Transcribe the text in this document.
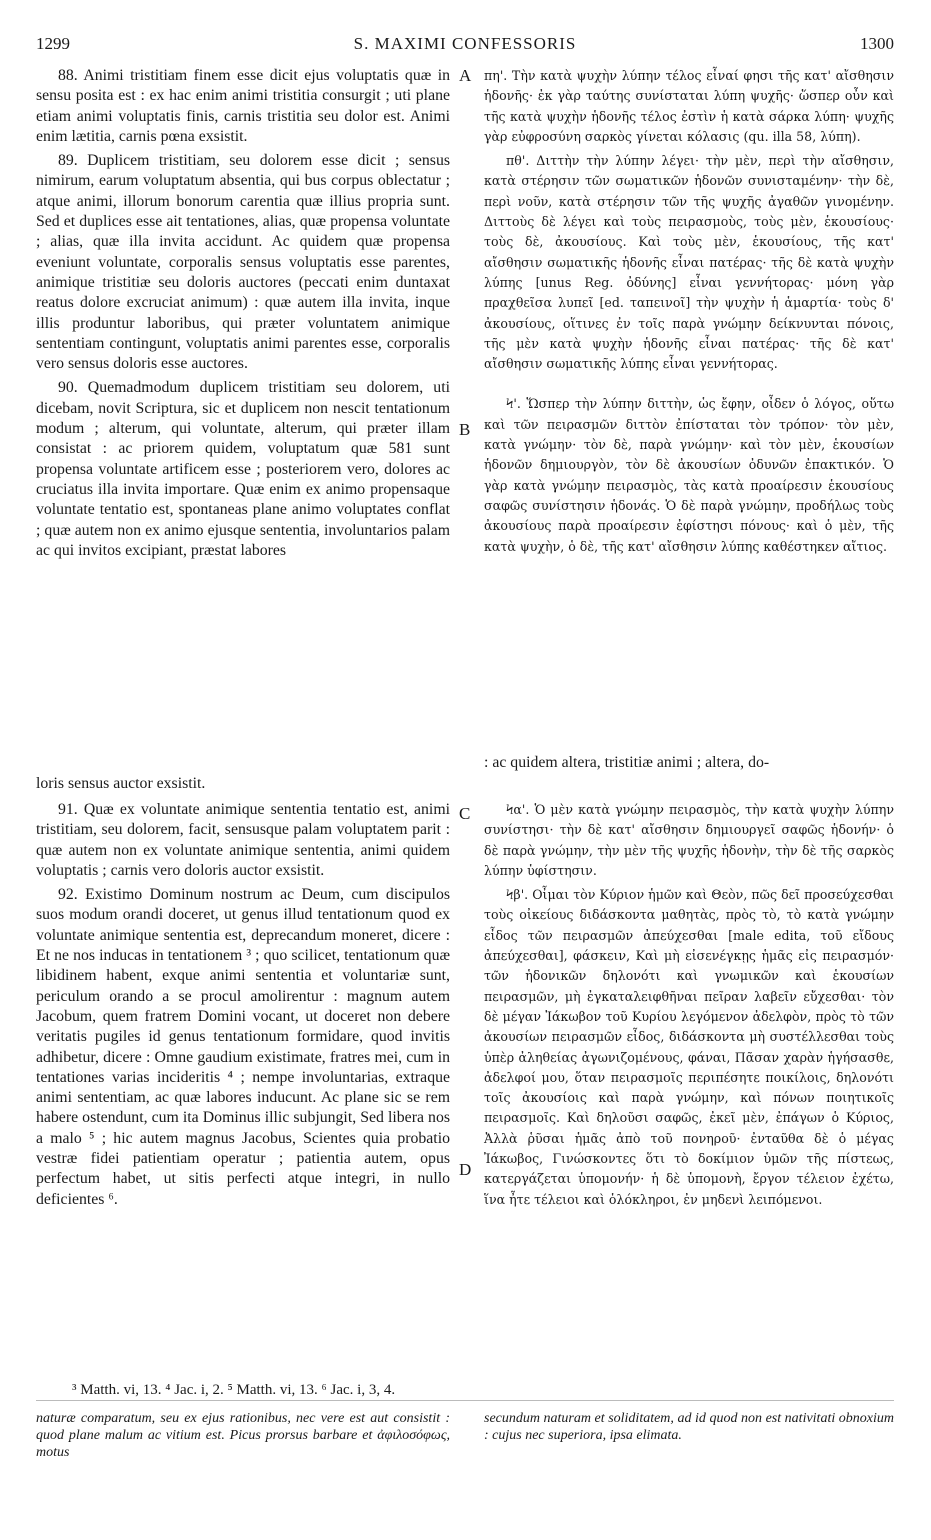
1299	S. MAXIMI CONFESSORIS	1300

88. Animi tristitiam finem esse dicit ejus voluptatis quæ in sensu posita est : ex hac enim animi tristitia consurgit ; uti plane etiam animi voluptatis finis, carnis tristitia seu dolor est. Animi enim lætitia, carnis pœna exsistit.

89. Duplicem tristitiam, seu dolorem esse dicit ; sensus nimirum, earum voluptatum absentia, qui bus corpus oblectatur ; atque animi, illorum bonorum carentia quæ illius propria sunt. Sed et duplices esse ait tentationes, alias, quæ propensa voluntate ; alias, quæ illa invita accidunt. Ac quidem quæ propensa eveniunt voluntate, corporalis sensus voluptatis esse parentes, animique tristitiæ seu doloris auctores (peccati enim duntaxat reatus dolore excruciat animum) : quæ autem illa invita, inque illis produntur laboribus, qui præter voluntatem animique sententiam contingunt, voluptatis animi parentes esse, corporalis vero sensus doloris esse auctores.

90. Quemadmodum duplicem tristitiam seu dolorem, uti dicebam, novit Scriptura, sic et duplicem non nescit tentationum modum ; alterum, qui voluntate, alterum, qui præter illam consistat : ac priorem quidem, voluptatum quæ 581 sunt propensa voluntate artificem esse ; posteriorem vero, dolores ac cruciatus illa invita importare. Quæ enim ex animo propensaque voluntate tentatio est, spontaneas plane animo voluptates conflat ; quæ autem non ex animo ejusque sententia, involuntarios palam ac qui invitos excipiant, præstat labores

πη'. Τὴν κατὰ ψυχὴν λύπην τέλος εἶναί φησι τῆς κατ' αἴσθησιν ἡδονῆς· ἐκ γὰρ ταύτης συνίσταται λύπη ψυχῆς· ὥσπερ οὖν καὶ τῆς κατὰ ψυχὴν ἡδονῆς τέλος ἐστὶν ἡ κατὰ σάρκα λύπη· ψυχῆς γὰρ εὐφροσύνη σαρκὸς γίνεται κόλασις (qu. illa 58, λύπη).

πθ'. Διττὴν τὴν λύπην λέγει· τὴν μὲν, περὶ τὴν αἴσθησιν, κατὰ στέρησιν τῶν σωματικῶν ἡδονῶν συνισταμένην· τὴν δὲ, περὶ νοῦν, κατὰ στέρησιν τῶν τῆς ψυχῆς ἀγαθῶν γινομένην. Διττοὺς δὲ λέγει καὶ τοὺς πειρασμοὺς, τοὺς μὲν, ἑκουσίους· τοὺς δὲ, ἀκουσίους. Καὶ τοὺς μὲν, ἑκουσίους, τῆς κατ' αἴσθησιν σωματικῆς ἡδονῆς εἶναι πατέρας· τῆς δὲ κατὰ ψυχὴν λύπης [unus Reg. ὀδύνης] εἶναι γεννήτορας· μόνη γὰρ πραχθεῖσα λυπεῖ [ed. ταπεινοῖ] τὴν ψυχὴν ἡ ἁμαρτία· τοὺς δ' ἀκουσίους, οἵτινες ἐν τοῖς παρὰ γνώμην δείκνυνται πόνοις, τῆς μὲν κατὰ ψυχὴν ἡδονῆς εἶναι πατέρας· τῆς δὲ κατ' αἴσθησιν σωματικῆς λύπης εἶναι γεννήτορας.

Ϟ'. Ὥσπερ τὴν λύπην διττὴν, ὡς ἔφην, οἶδεν ὁ λόγος, οὕτω καὶ τῶν πειρασμῶν διττὸν ἐπίσταται τὸν τρόπον· τὸν μὲν, κατὰ γνώμην· τὸν δὲ, παρὰ γνώμην· καὶ τὸν μὲν, ἑκουσίων ἡδονῶν δημιουργὸν, τὸν δὲ ἀκουσίων ὀδυνῶν ἐπακτικόν. Ὁ γὰρ κατὰ γνώμην πειρασμὸς, τὰς κατὰ προαίρεσιν ἑκουσίους σαφῶς συνίστησιν ἡδονάς. Ὁ δὲ παρὰ γνώμην, προδήλως τοὺς ἀκουσίους παρὰ προαίρεσιν ἐφίστησι πόνους· καὶ ὁ μὲν, τῆς κατὰ ψυχὴν, ὁ δὲ, τῆς κατ' αἴσθησιν λύπης καθέστηκεν αἴτιος.

: ac quidem altera, tristitiæ animi ; altera, do-
loris sensus auctor exsistit.

91. Quæ ex voluntate animique sententia tentatio est, animi tristitiam, seu dolorem, facit, sensusque palam voluptatem parit : quæ autem non ex voluntate animique sententia, animi quidem voluptatis ; carnis vero doloris auctor exsistit.

92. Existimo Dominum nostrum ac Deum, cum discipulos suos modum orandi doceret, ut genus illud tentationum quod ex voluntate animique sententia est, deprecandum moneret, dicere : Et ne nos inducas in tentationem ³ ; quo scilicet, tentationum quæ libidinem habent, exque animi sententia et voluntariæ sunt, periculum orando a se procul amolirentur : magnum autem Jacobum, quem fratrem Domini vocant, ut doceret non debere veritatis pugiles id genus tentationum formidare, quod invitis adhibetur, dicere : Omne gaudium existimate, fratres mei, cum in tentationes varias incideritis ⁴ ; nempe involuntarias, extraque animi sententiam, ac quæ labores inducunt. Ac plane sic se rem habere ostendunt, cum ita Dominus illic subjungit, Sed libera nos a malo ⁵ ; hic autem magnus Jacobus, Scientes quia probatio vestræ fidei patientiam operatur ; patientia autem, opus perfectum habet, ut sitis perfecti atque integri, in nullo deficientes ⁶.

Ϟα'. Ὁ μὲν κατὰ γνώμην πειρασμὸς, τὴν κατὰ ψυχὴν λύπην συνίστησι· τὴν δὲ κατ' αἴσθησιν δημιουργεῖ σαφῶς ἡδονήν· ὁ δὲ παρὰ γνώμην, τὴν μὲν τῆς ψυχῆς ἡδονὴν, τὴν δὲ τῆς σαρκὸς λύπην ὑφίστησιν.

Ϟβ'. Οἶμαι τὸν Κύριον ἡμῶν καὶ Θεὸν, πῶς δεῖ προσεύχεσθαι τοὺς οἰκείους διδάσκοντα μαθητὰς, πρὸς τὸ, τὸ κατὰ γνώμην εἶδος τῶν πειρασμῶν ἀπεύχεσθαι [male edita, τοῦ εἴδους ἀπεύχεσθαι], φάσκειν, Καὶ μὴ εἰσενέγκῃς ἡμᾶς εἰς πειρασμόν· τῶν ἡδονικῶν δηλονότι καὶ γνωμικῶν καὶ ἑκουσίων πειρασμῶν, μὴ ἐγκαταλειφθῆναι πεῖραν λαβεῖν εὔχεσθαι· τὸν δὲ μέγαν Ἰάκωβον τοῦ Κυρίου λεγόμενον ἀδελφὸν, πρὸς τὸ τῶν ἀκουσίων πειρασμῶν εἶδος, διδάσκοντα μὴ συστέλλεσθαι τοὺς ὑπὲρ ἀληθείας ἀγωνιζομένους, φάναι, Πᾶσαν χαρὰν ἡγήσασθε, ἀδελφοί μου, ὅταν πειρασμοῖς περιπέσητε ποικίλοις, δηλονότι τοῖς ἀκουσίοις καὶ παρὰ γνώμην, καὶ πόνων ποιητικοῖς πειρασμοῖς. Καὶ δηλοῦσι σαφῶς, ἐκεῖ μὲν, ἐπάγων ὁ Κύριος, Ἀλλὰ ῥῦσαι ἡμᾶς ἀπὸ τοῦ πονηροῦ· ἐνταῦθα δὲ ὁ μέγας Ἰάκωβος, Γινώσκοντες ὅτι τὸ δοκίμιον ὑμῶν τῆς πίστεως, κατεργάζεται ὑπομονήν· ἡ δὲ ὑπομονὴ, ἔργον τέλειον ἐχέτω, ἵνα ἦτε τέλειοι καὶ ὁλόκληροι, ἐν μηδενὶ λειπόμενοι.

A
B
C
D
³ Matth. vi, 13. ⁴ Jac. i, 2. ⁵ Matth. vi, 13. ⁶ Jac. i, 3, 4.
naturæ comparatum, seu ex ejus rationibus, nec vere est aut consistit : quod plane malum ac vitium est. Picus prorsus barbare et ἀφιλοσόφως, motus
secundum naturam et soliditatem, ad id quod non est nativitati obnoxium : cujus nec superiora, ipsa elimata.
